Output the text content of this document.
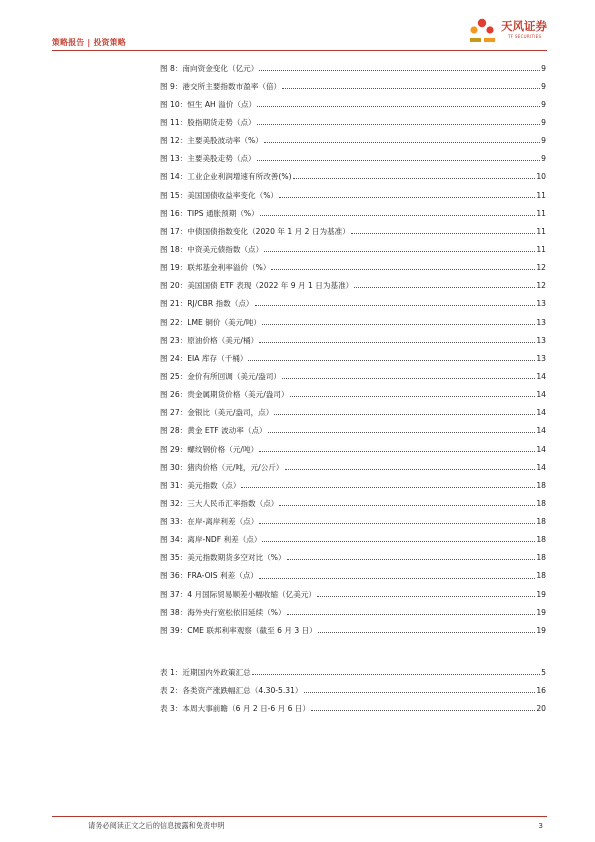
策略报告 | 投资策略
天风证券
TF SECURITIES
图 8：南向资金变化（亿元）	9
图 9：港交所主要指数市盈率（倍）	9
图 10：恒生 AH 溢价（点）	9
图 11：股指期货走势（点）	9
图 12：主要美股波动率（%）	9
图 13：主要美股走势（点）	9
图 14：工业企业利润增速有所改善(%)	10
图 15：美国国债收益率变化（%）	11
图 16：TIPS 通胀预期（%）	11
图 17：中债国债指数变化（2020 年 1 月 2 日为基准）	11
图 18：中资美元债指数（点）	11
图 19：联邦基金利率溢价（%）	12
图 20：美国国债 ETF 表现（2022 年 9 月 1 日为基准）	12
图 21：RJ/CBR 指数（点）	13
图 22：LME 铜价（美元/吨）	13
图 23：原油价格（美元/桶）	13
图 24：EIA 库存（千桶）	13
图 25：金价有所回调（美元/盎司）	14
图 26：贵金属期货价格（美元/盎司）	14
图 27：金银比（美元/盎司，点）	14
图 28：黄金 ETF 波动率（点）	14
图 29：螺纹钢价格（元/吨）	14
图 30：猪肉价格（元/吨，元/公斤）	14
图 31：美元指数（点）	18
图 32：三大人民币汇率指数（点）	18
图 33：在岸-离岸利差（点）	18
图 34：离岸-NDF 利差（点）	18
图 35：美元指数期货多空对比（%）	18
图 36：FRA-OIS 利差（点）	18
图 37：4 月国际贸易顺差小幅收缩（亿美元）	19
图 38：海外央行宽松依旧延续（%）	19
图 39：CME 联邦利率观察（截至 6 月 3 日）	19
表 1：近期国内外政策汇总	5
表 2：各类资产涨跌幅汇总（4.30-5.31）	16
表 3：本周大事前瞻（6 月 2 日-6 月 6 日）	20
请务必阅读正文之后的信息披露和免责申明	3
